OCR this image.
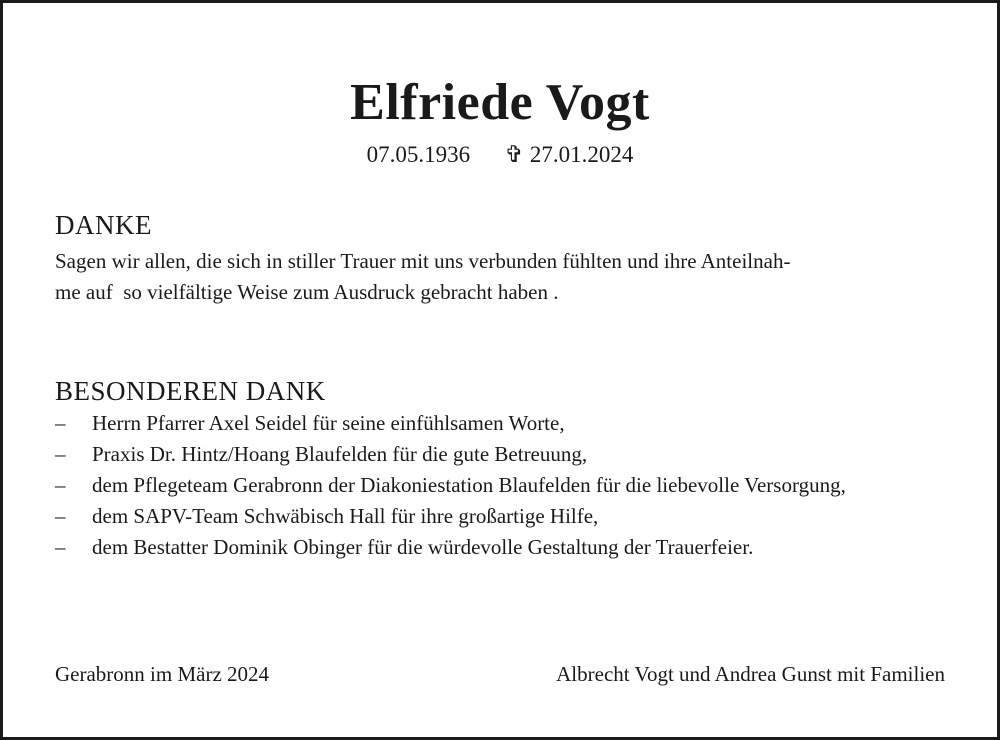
Elfriede Vogt
07.05.1936 ✞ 27.01.2024
DANKE
Sagen wir allen, die sich in stiller Trauer mit uns verbunden fühlten und ihre Anteilnah-
me auf  so vielfältige Weise zum Ausdruck gebracht haben .
BESONDEREN DANK
–	Herrn Pfarrer Axel Seidel für seine einfühlsamen Worte,
–	Praxis Dr. Hintz/Hoang Blaufelden für die gute Betreuung,
–	dem Pflegeteam Gerabronn der Diakoniestation Blaufelden für die liebevolle Versorgung,
–	dem SAPV-Team Schwäbisch Hall für ihre großartige Hilfe,
–	dem Bestatter Dominik Obinger für die würdevolle Gestaltung der Trauerfeier.
Gerabronn im März 2024	Albrecht Vogt und Andrea Gunst mit Familien
